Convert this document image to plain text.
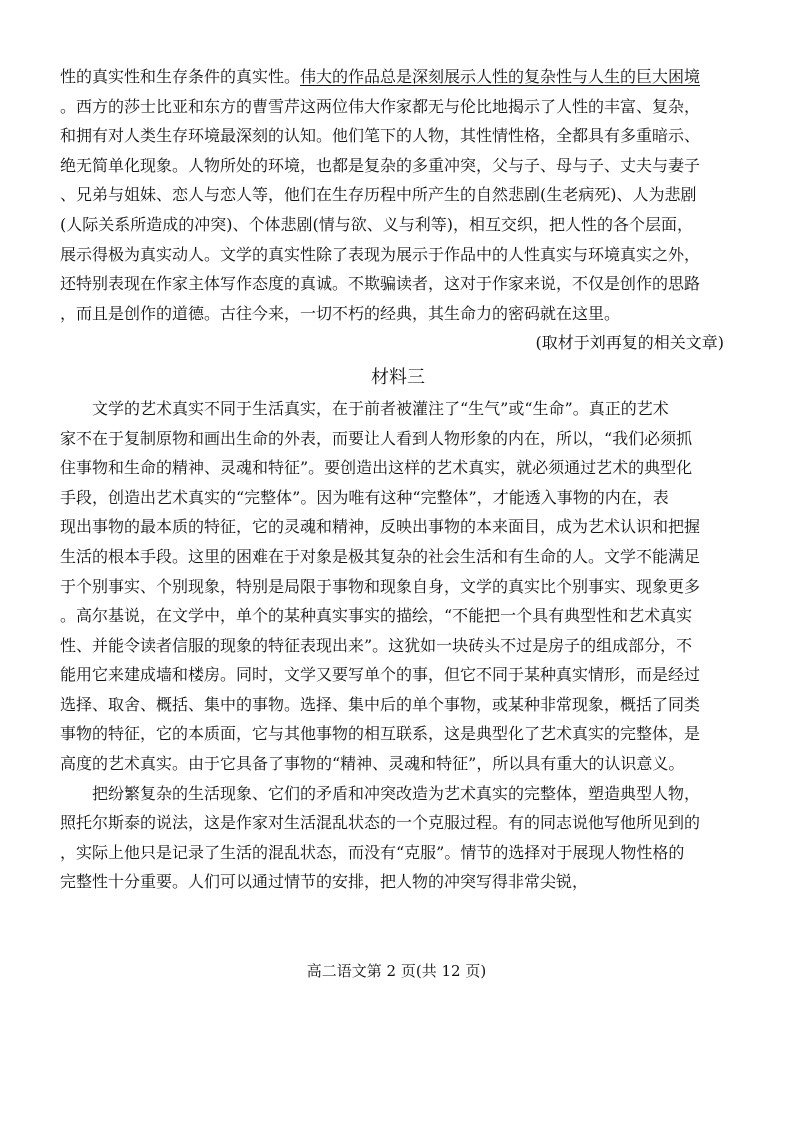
性的真实性和生存条件的真实性。伟大的作品总是深刻展示人性的复杂性与人生的巨大困境
。西方的莎士比亚和东方的曹雪芹这两位伟大作家都无与伦比地揭示了人性的丰富、复杂，
和拥有对人类生存环境最深刻的认知。他们笔下的人物，其性情性格，全都具有多重暗示、
绝无简单化现象。人物所处的环境，也都是复杂的多重冲突，父与子、母与子、丈夫与妻子
、兄弟与姐妹、恋人与恋人等，他们在生存历程中所产生的自然悲剧(生老病死)、人为悲剧
(人际关系所造成的冲突)、个体悲剧(情与欲、义与利等)，相互交织，把人性的各个层面，
展示得极为真实动人。文学的真实性除了表现为展示于作品中的人性真实与环境真实之外，
还特别表现在作家主体写作态度的真诚。不欺骗读者，这对于作家来说，不仅是创作的思路
，而且是创作的道德。古往今来，一切不朽的经典，其生命力的密码就在这里。
(取材于刘再复的相关文章)
材料三
文学的艺术真实不同于生活真实，在于前者被灌注了“生气”或“生命”。真正的艺术
家不在于复制原物和画出生命的外表，而要让人看到人物形象的内在，所以，“我们必须抓
住事物和生命的精神、灵魂和特征”。要创造出这样的艺术真实，就必须通过艺术的典型化
手段，创造出艺术真实的“完整体”。因为唯有这种“完整体”，才能透入事物的内在，表
现出事物的最本质的特征，它的灵魂和精神，反映出事物的本来面目，成为艺术认识和把握
生活的根本手段。这里的困难在于对象是极其复杂的社会生活和有生命的人。文学不能满足
于个别事实、个别现象，特别是局限于事物和现象自身，文学的真实比个别事实、现象更多
。高尔基说，在文学中，单个的某种真实事实的描绘，“不能把一个具有典型性和艺术真实
性、并能令读者信服的现象的特征表现出来”。这犹如一块砖头不过是房子的组成部分，不
能用它来建成墙和楼房。同时，文学又要写单个的事，但它不同于某种真实情形，而是经过
选择、取舍、概括、集中的事物。选择、集中后的单个事物，或某种非常现象，概括了同类
事物的特征，它的本质面，它与其他事物的相互联系，这是典型化了艺术真实的完整体，是
高度的艺术真实。由于它具备了事物的“精神、灵魂和特征”，所以具有重大的认识意义。
把纷繁复杂的生活现象、它们的矛盾和冲突改造为艺术真实的完整体，塑造典型人物，
照托尔斯泰的说法，这是作家对生活混乱状态的一个克服过程。有的同志说他写他所见到的
，实际上他只是记录了生活的混乱状态，而没有“克服”。情节的选择对于展现人物性格的
完整性十分重要。人们可以通过情节的安排，把人物的冲突写得非常尖锐，
高二语文第 2 页(共 12 页)
